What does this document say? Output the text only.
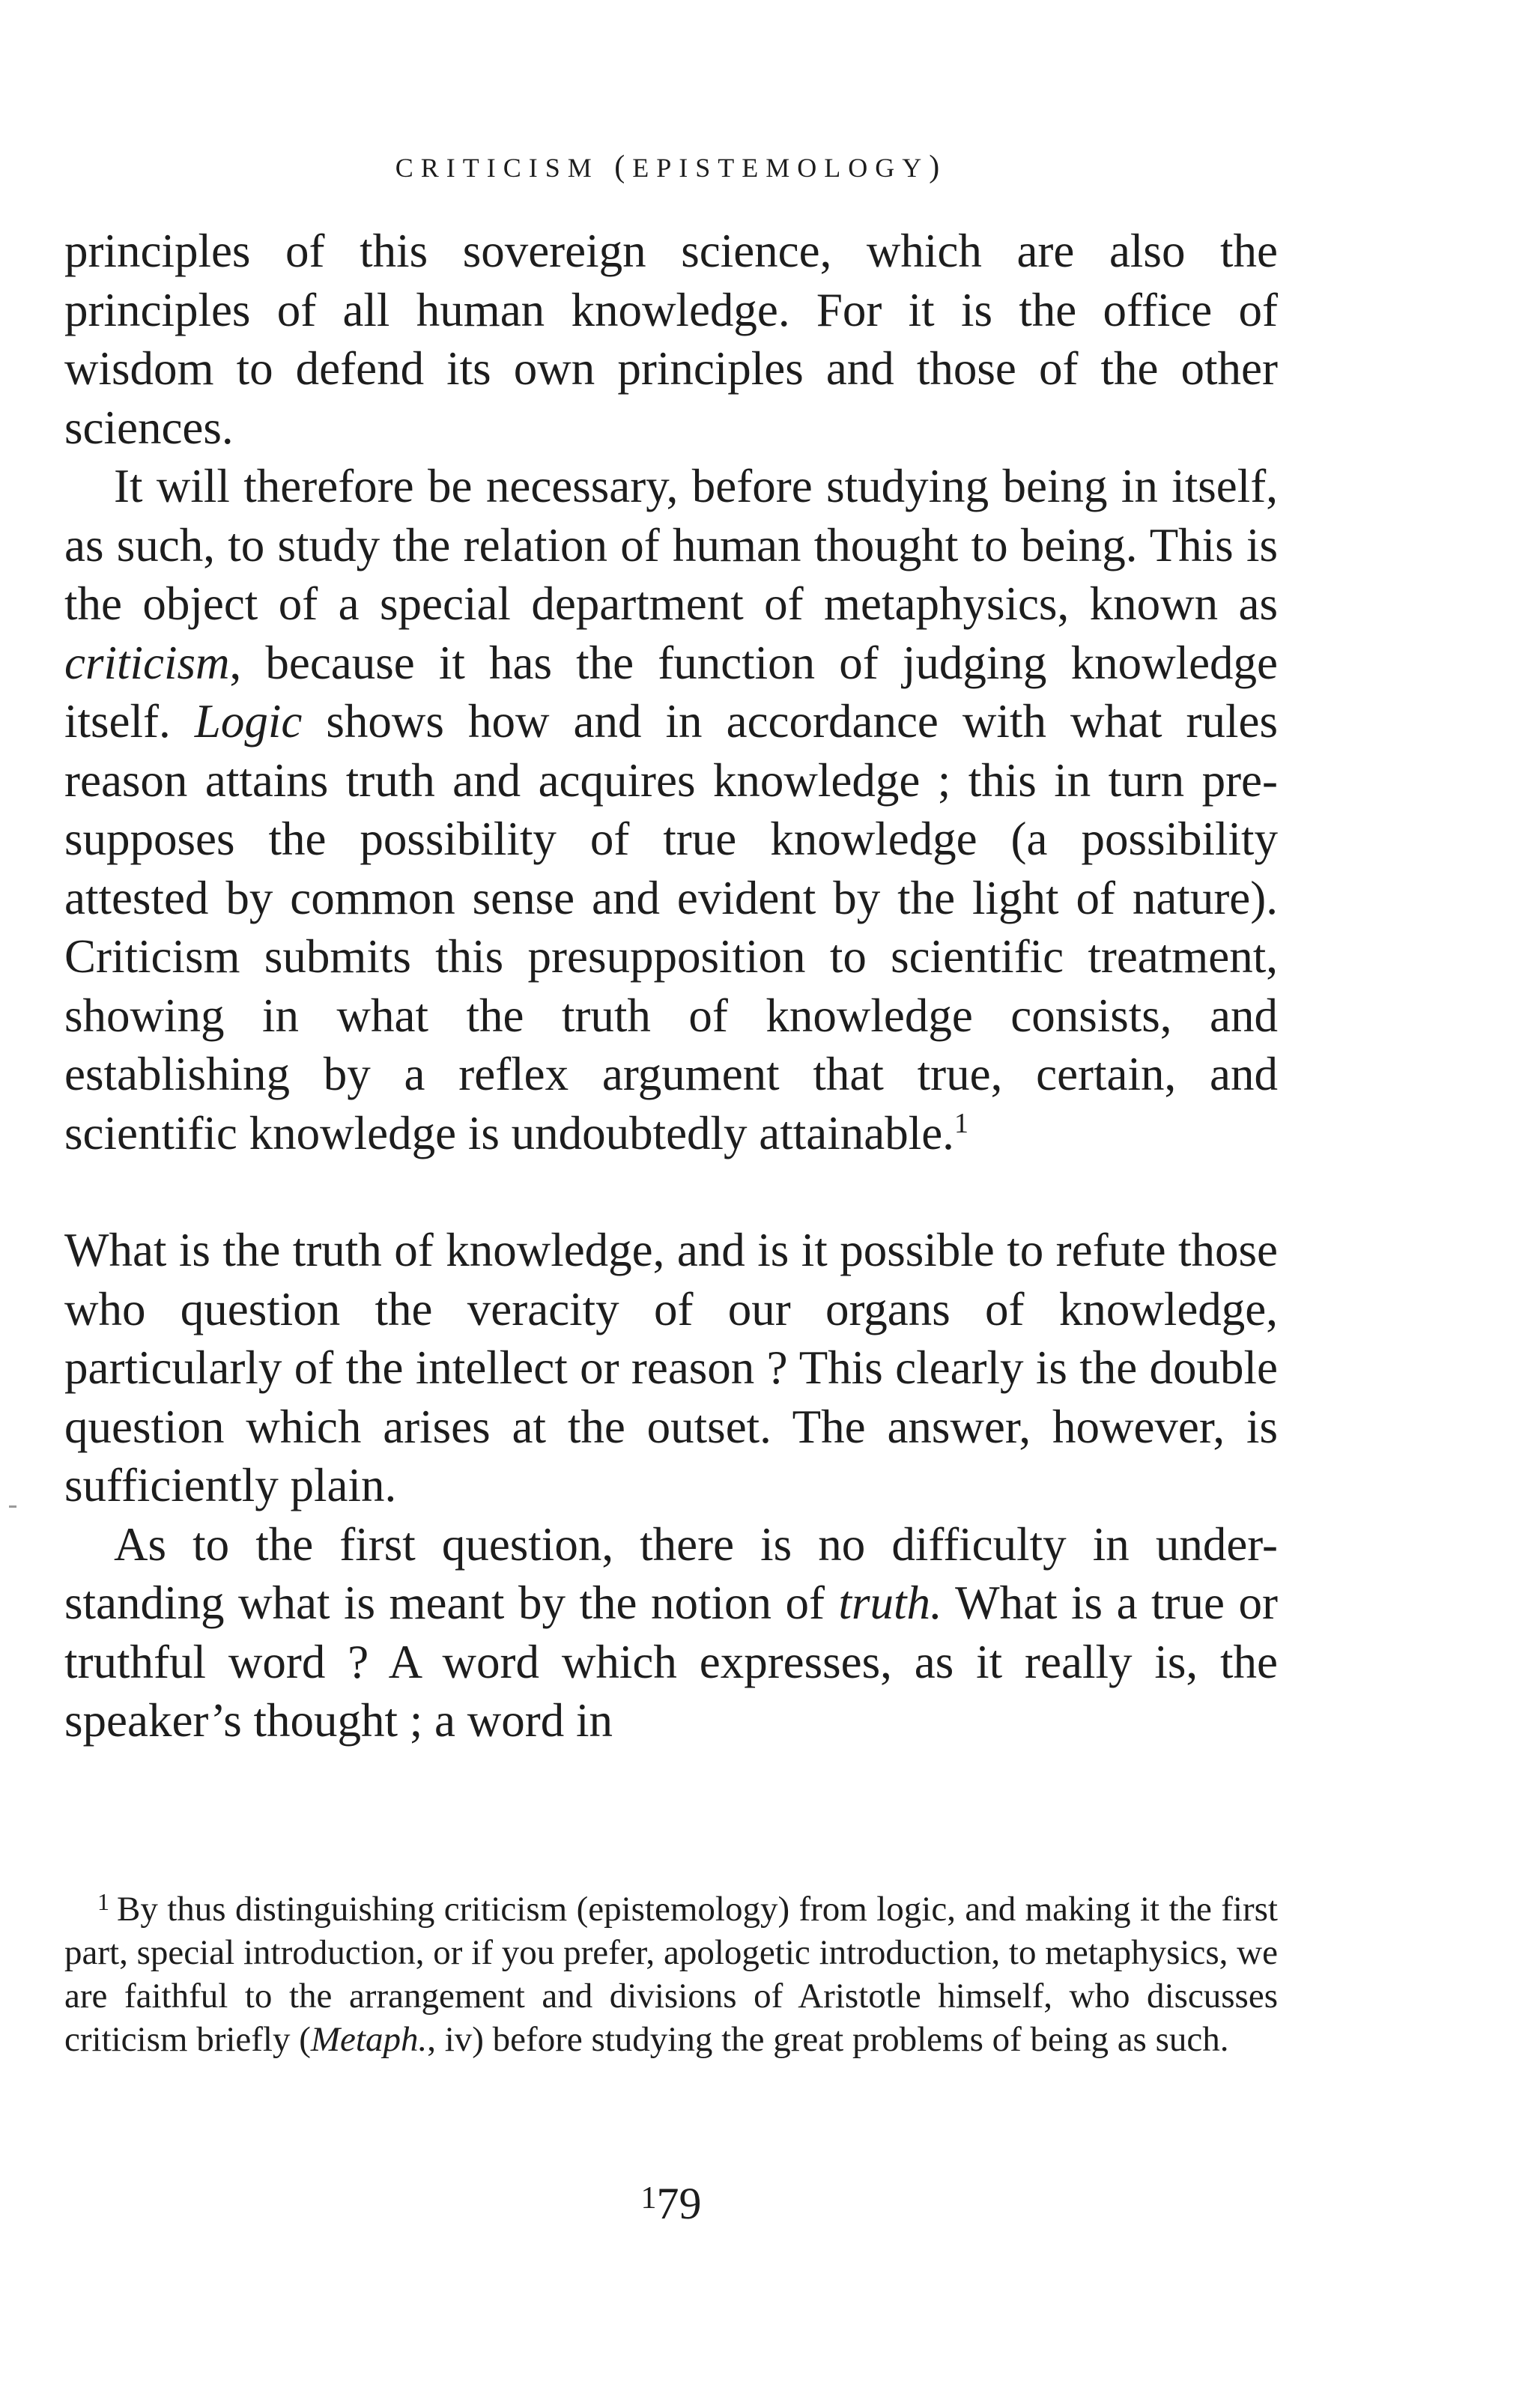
criticism (epistemology)

principles of this sovereign science, which are also the principles of all human knowledge. For it is the office of wisdom to defend its own principles and those of the other sciences.

It will therefore be necessary, before studying being in itself, as such, to study the relation of human thought to being. This is the object of a special department of metaphysics, known as criticism, because it has the function of judging knowledge itself. Logic shows how and in accordance with what rules reason attains truth and acquires knowledge ; this in turn pre-supposes the possibility of true knowledge (a possibility attested by common sense and evident by the light of nature). Criticism submits this presupposition to scientific treatment, showing in what the truth of knowledge consists, and establishing by a reflex argument that true, certain, and scientific knowledge is undoubtedly attainable.$^1$

What is the truth of knowledge, and is it possible to refute those who question the veracity of our organs of knowledge, particularly of the intellect or reason ? This clearly is the double question which arises at the outset. The answer, however, is sufficiently plain.

As to the first question, there is no difficulty in under-standing what is meant by the notion of truth. What is a true or truthful word ? A word which expresses, as it really is, the speaker’s thought ; a word in

$^1$ By thus distinguishing criticism (epistemology) from logic, and making it the first part, special introduction, or if you prefer, apologetic introduction, to metaphysics, we are faithful to the arrangement and divisions of Aristotle himself, who discusses criticism briefly (Metaph., iv) before studying the great problems of being as such.
$^1$79
